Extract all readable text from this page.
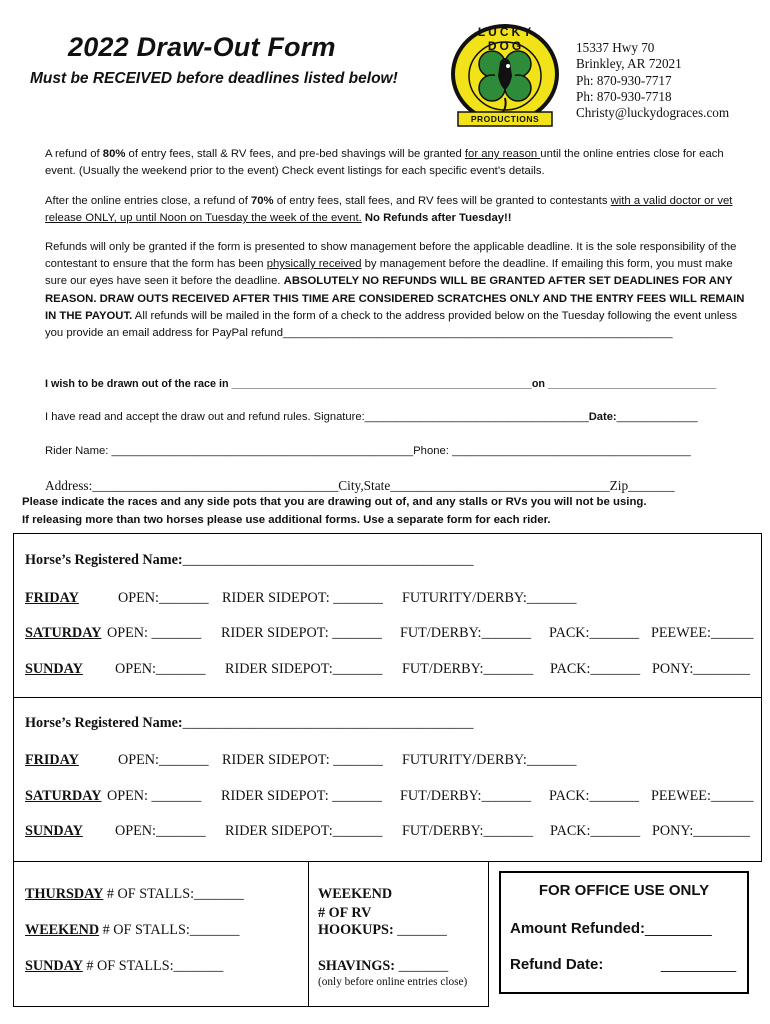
2022 Draw-Out Form
Must be RECEIVED before deadlines listed below!
LUCKY DOG
PRODUCTIONS
15337 Hwy 70
Brinkley, AR 72021
Ph: 870-930-7717
Ph: 870-930-7718
Christy@luckydograces.com
A refund of 80% of entry fees, stall & RV fees, and pre-bed shavings will be granted for any reason until the online entries close for each event. (Usually the weekend prior to the event) Check event listings for each specific event’s details.
After the online entries close, a refund of 70% of entry fees, stall fees, and RV fees will be granted to contestants with a valid doctor or vet release ONLY, up until Noon on Tuesday the week of the event. No Refunds after Tuesday!!
Refunds will only be granted if the form is presented to show management before the applicable deadline. It is the sole responsibility of the contestant to ensure that the form has been physically received by management before the deadline. If emailing this form, you must make sure our eyes have seen it before the deadline. ABSOLUTELY NO REFUNDS WILL BE GRANTED AFTER SET DEADLINES FOR ANY REASON. DRAW OUTS RECEIVED AFTER THIS TIME ARE CONSIDERED SCRATCHES ONLY AND THE ENTRY FEES WILL REMAIN IN THE PAYOUT. All refunds will be mailed in the form of a check to the address provided below on the Tuesday following the event unless you provide an email address for PayPal refund______________________________________________________________
I wish to be drawn out of the race in __________________________________________________on ____________________________
I have read and accept the draw out and refund rules. Signature:____________________________________Date:_____________
Rider Name: ________________________________________________Phone: ______________________________________
Address:_____________________________________City,State_________________________________Zip_______
Please indicate the races and any side pots that you are drawing out of, and any stalls or RVs you will not be using.
If releasing more than two horses please use additional forms. Use a separate form for each rider.
Horse’s Registered Name:_________________________________________
FRIDAY	OPEN:_______ RIDER SIDEPOT: _______ FUTURITY/DERBY:_______
SATURDAY OPEN: _______ RIDER SIDEPOT: _______ FUT/DERBY:_______ PACK:_______ PEEWEE:______
SUNDAY OPEN:_______ RIDER SIDEPOT:_______ FUT/DERBY:_______ PACK:_______ PONY:________
Horse’s Registered Name:_________________________________________
FRIDAY	OPEN:_______ RIDER SIDEPOT: _______ FUTURITY/DERBY:_______
SATURDAY OPEN: _______ RIDER SIDEPOT: _______ FUT/DERBY:_______ PACK:_______ PEEWEE:______
SUNDAY OPEN:_______ RIDER SIDEPOT:_______ FUT/DERBY:_______ PACK:_______ PONY:________
THURSDAY # OF STALLS:_______
WEEKEND # OF STALLS:_______
SUNDAY # OF STALLS:_______
WEEKEND
# OF RV
HOOKUPS: _______
SHAVINGS: _______
(only before online entries close)
FOR OFFICE USE ONLY
Amount Refunded:________
Refund Date:	_________
